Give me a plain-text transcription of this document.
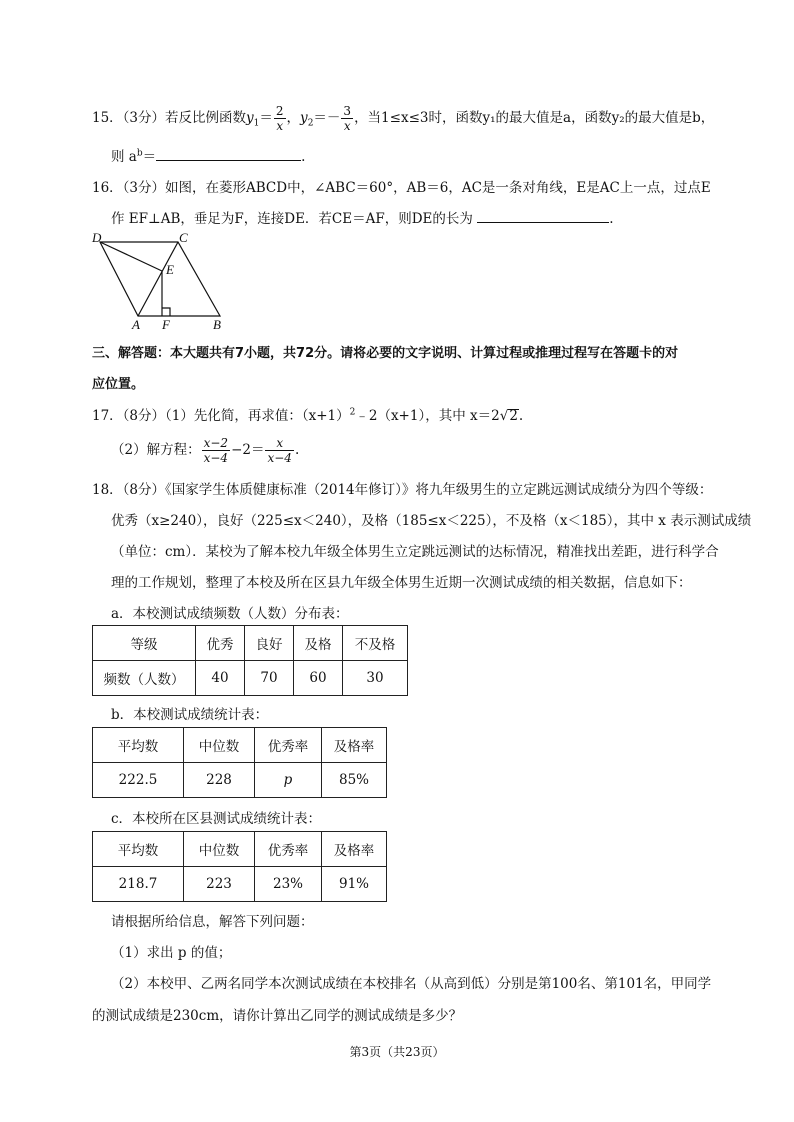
15．（3分）若反比例函数$y_1= \frac{2}{x}$ ，$y_2=- \frac{3}{x}$ ，当1≤x≤3时，函数y₁的最大值是a，函数y₂的最大值是b，
则 $a^b=$	.
16．（3分）如图，在菱形ABCD中，∠ABC＝60°，AB＝6，AC是一条对角线，E是AC上一点，过点E
作 EF⊥AB，垂足为F，连接DE．若CE＝AF，则DE的长为	.
D	C
E
A F	B
三、解答题：本大题共有7小题，共72分。请将必要的文字说明、计算过程或推理过程写在答题卡的对
应位置。
17．（8分）（1）先化简，再求值：$(x+1)^2﹣2(x+1)$，其中 x＝2√2.
（2）解方程： $\frac{x-2}{x-4} -2= \frac{x}{x-4}$ .
18．（8分）《国家学生体质健康标准（2014年修订）》将九年级男生的立定跳远测试成绩分为四个等级：
优秀（x≥240），良好（225≤x＜240），及格（185≤x＜225），不及格（x＜185），其中 x 表示测试成绩
（单位：cm）．某校为了解本校九年级全体男生立定跳远测试的达标情况，精准找出差距，进行科学合
理的工作规划，整理了本校及所在区县九年级全体男生近期一次测试成绩的相关数据，信息如下：
a．本校测试成绩频数（人数）分布表：
等级	优秀	良好	及格	不及格
频数（人数）	40	70	60	30
b．本校测试成绩统计表：
平均数	中位数	优秀率	及格率
222.5	228	p	85%
c．本校所在区县测试成绩统计表：
平均数	中位数	优秀率	及格率
218.7	223	23%	91%
请根据所给信息，解答下列问题：
（1）求出 p 的值；
（2）本校甲、乙两名同学本次测试成绩在本校排名（从高到低）分别是第100名、第101名，甲同学
的测试成绩是230cm，请你计算出乙同学的测试成绩是多少？
第3页（共23页）
